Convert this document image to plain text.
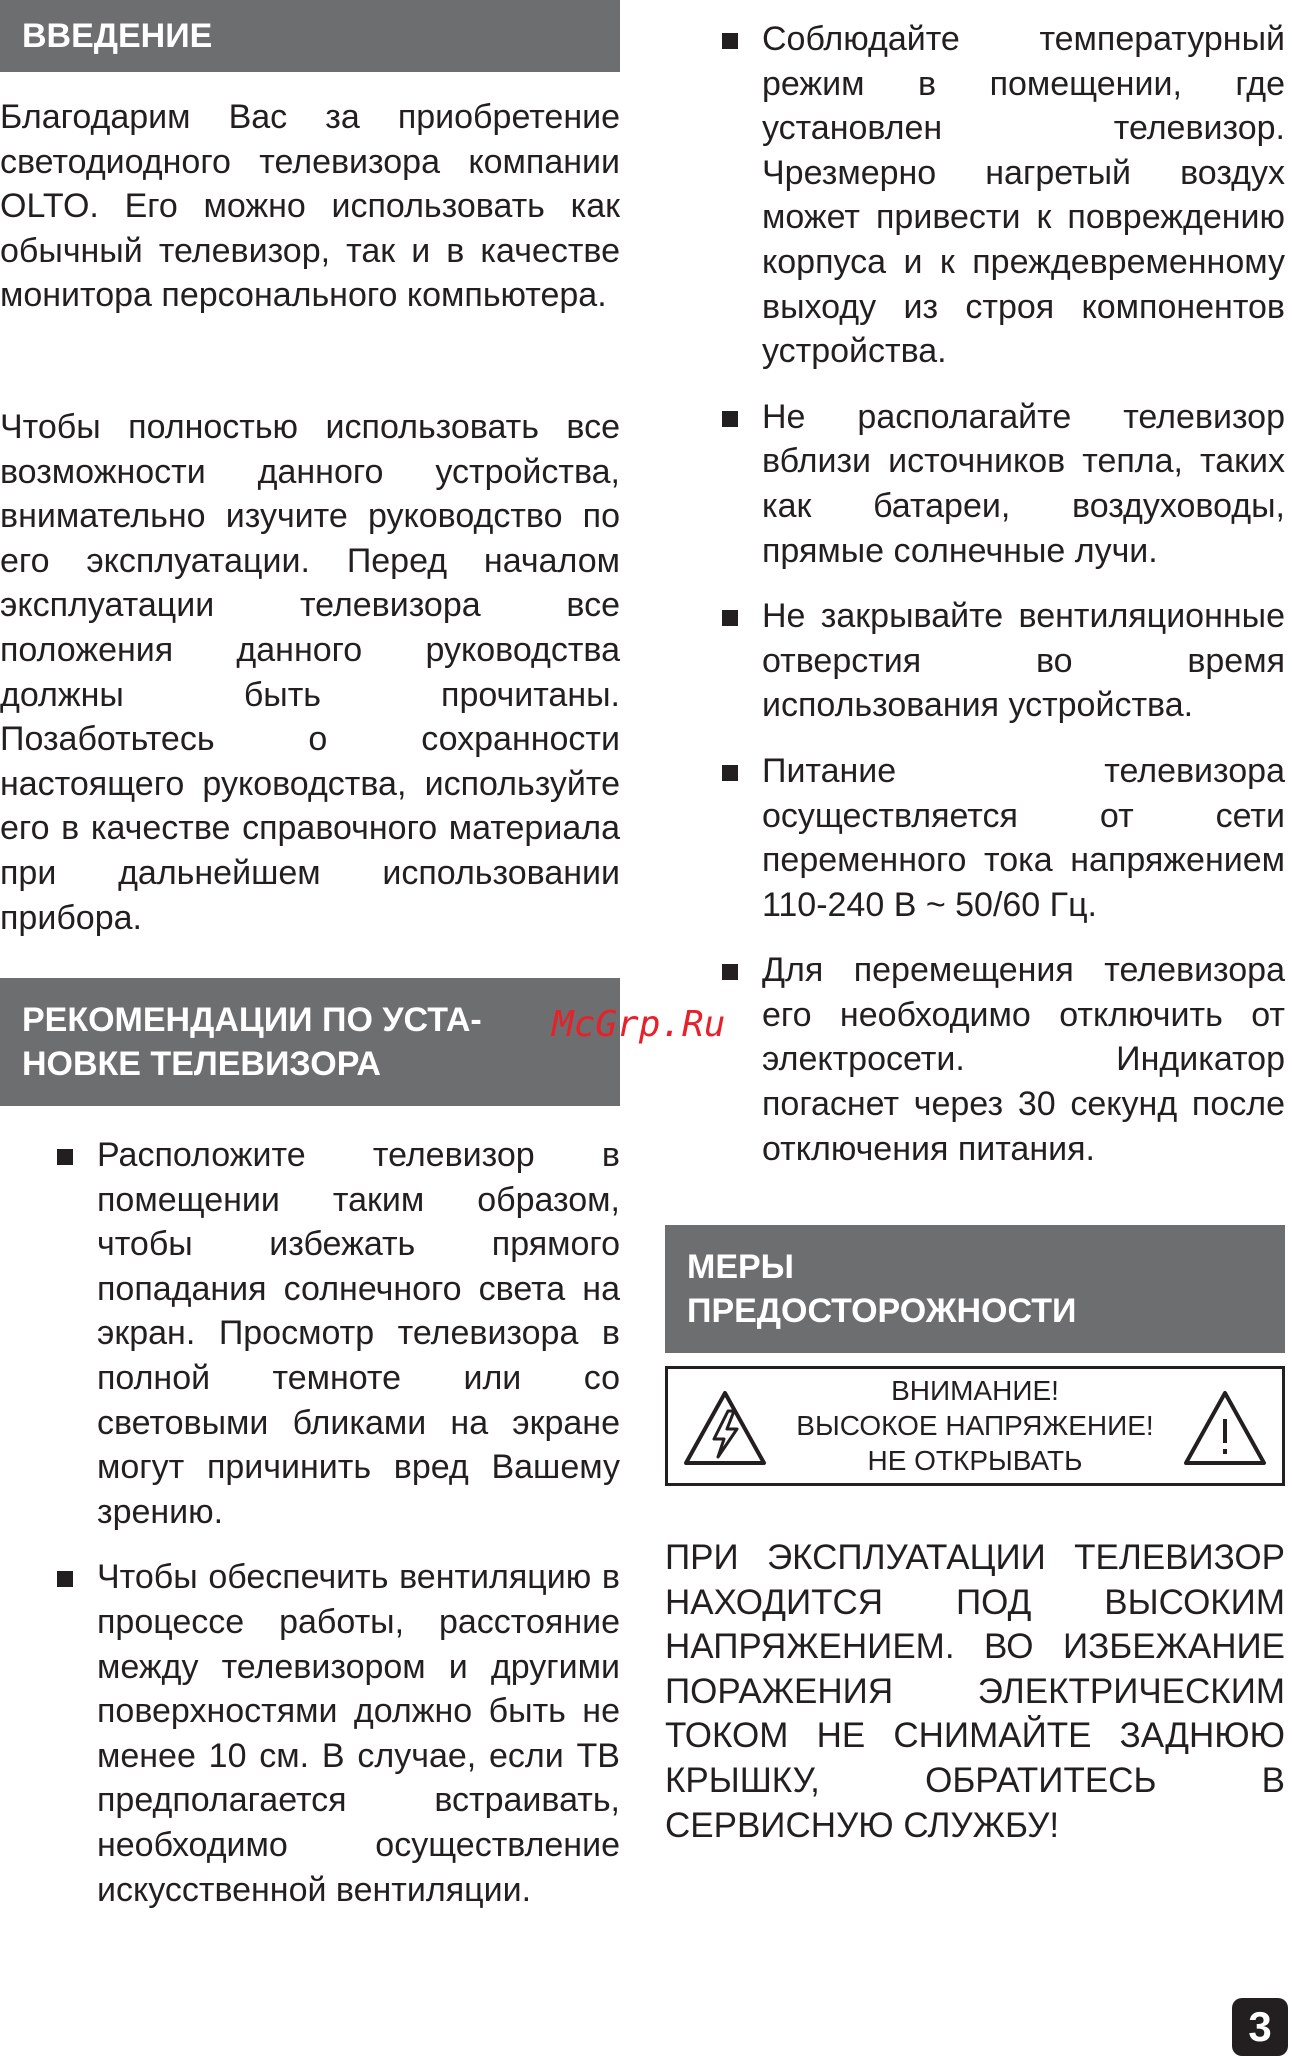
ВВЕДЕНИЕ

Благодарим Вас за приобретение светодиодного телевизора компании OLTO. Его можно использовать как обычный телевизор, так и в качестве монитора персонального компьютера.

Чтобы полностью использовать все возможности данного устройства, внимательно изучите руководство по его эксплуатации. Перед началом эксплуатации телевизора все положения данного руководства должны быть прочитаны. Позаботьтесь о сохранности настоящего руководства, используйте его в качестве справочного материала при дальнейшем использовании прибора.

РЕКОМЕНДАЦИИ ПО УСТА-
НОВКЕ ТЕЛЕВИЗОРА
Расположите телевизор в помещении таким образом, чтобы избежать прямого попадания солнечного света на экран. Просмотр телевизора в полной темноте или со световыми бликами на экране могут причинить вред Вашему зрению.
Чтобы обеспечить вентиляцию в процессе работы, расстояние между телевизором и другими поверхностями должно быть не менее 10 см. В случае, если ТВ предполагается встраивать, необходимо осуществление искусственной вентиляции.
Соблюдайте температурный режим в помещении, где установлен телевизор. Чрезмерно нагретый воздух может привести к повреждению корпуса и к преждевременному выходу из строя компонентов устройства.
Не располагайте телевизор вблизи источников тепла, таких как батареи, воздуховоды, прямые солнечные лучи.
Не закрывайте вентиляционные отверстия во время использования устройства.
Питание телевизора осуществляется от сети переменного тока напряжением 110-240 В ~ 50/60 Гц.
Для перемещения телевизора его необходимо отключить от электросети. Индикатор погаснет через 30 секунд после отключения питания.
МЕРЫ
ПРЕДОСТОРОЖНОСТИ
ВНИМАНИЕ!
ВЫСОКОЕ НАПРЯЖЕНИЕ!
НЕ ОТКРЫВАТЬ

ПРИ ЭКСПЛУАТАЦИИ ТЕЛЕВИЗОР НАХОДИТСЯ ПОД ВЫСОКИМ НАПРЯЖЕНИЕМ. ВО ИЗБЕЖАНИЕ ПОРАЖЕНИЯ ЭЛЕКТРИЧЕСКИМ ТОКОМ НЕ СНИМАЙТЕ ЗАДНЮЮ КРЫШКУ, ОБРАТИТЕСЬ В СЕРВИСНУЮ СЛУЖБУ!

McGrp.Ru
3
